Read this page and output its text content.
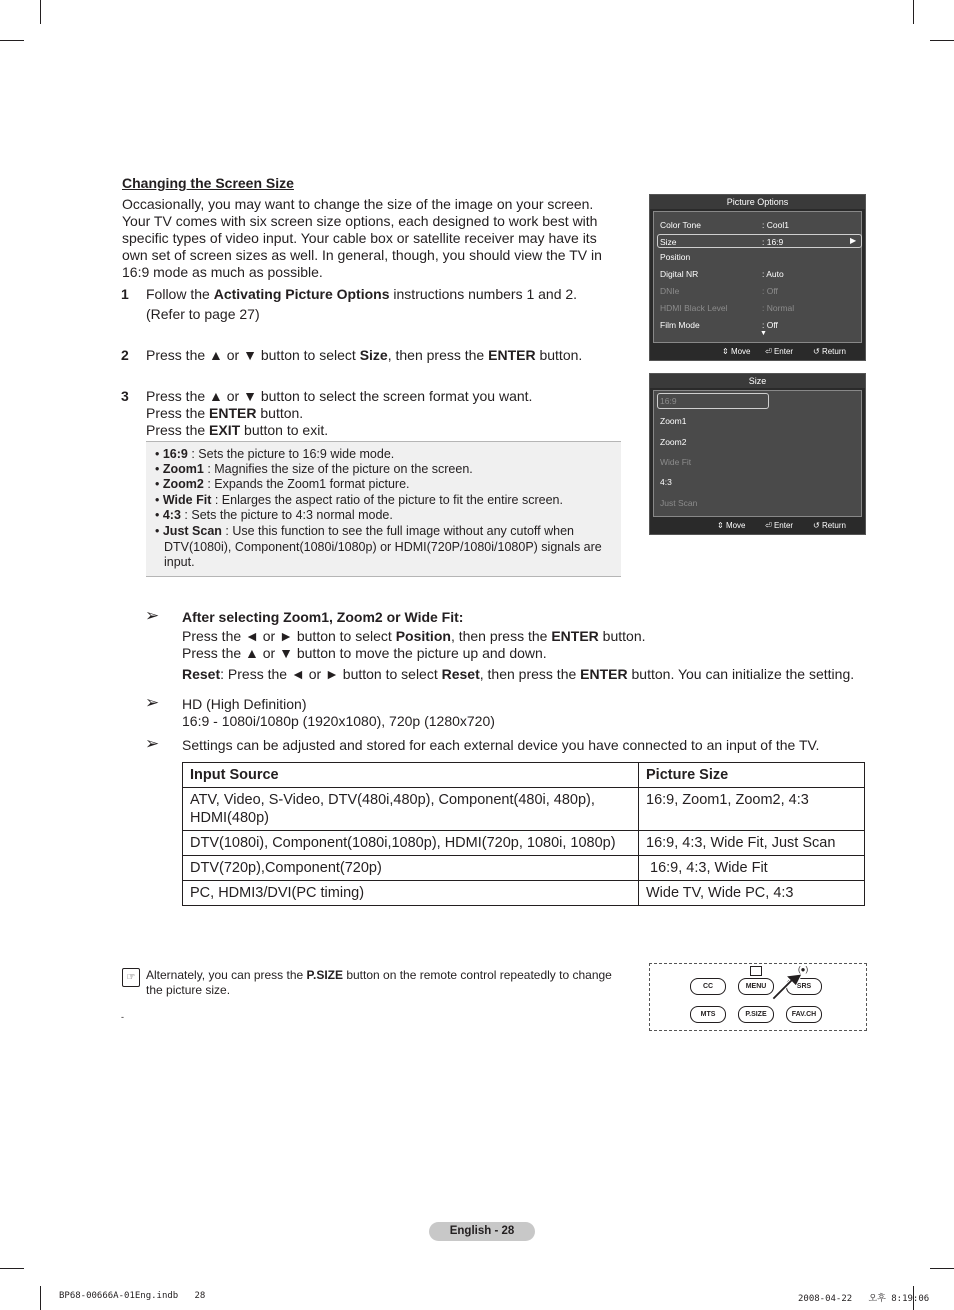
Changing the Screen Size
Occasionally, you may want to change the size of the image on your screen. Your TV comes with six screen size options, each designed to work best with specific types of video input. Your cable box or satellite receiver may have its own set of screen sizes as well. In general, though, you should view the TV in 16:9 mode as much as possible.
1 Follow the Activating Picture Options instructions numbers 1 and 2.
(Refer to page 27)
2 Press the ▲ or ▼ button to select Size, then press the ENTER button.
3 Press the ▲ or ▼ button to select the screen format you want.
Press the ENTER button.
Press the EXIT button to exit.
• 16:9 : Sets the picture to 16:9 wide mode.
• Zoom1 : Magnifies the size of the picture on the screen.
• Zoom2 : Expands the Zoom1 format picture.
• Wide Fit : Enlarges the aspect ratio of the picture to fit the entire screen.
• 4:3 : Sets the picture to 4:3 normal mode.
• Just Scan : Use this function to see the full image without any cutoff when DTV(1080i), Component(1080i/1080p) or HDMI(720P/1080i/1080P) signals are input.
Picture Options
Color Tone	: Cool1
Size	: 16:9	▶
Position
Digital NR	: Auto
DNIe	: Off
HDMI Black Level	: Normal
Film Mode	: Off
▼
⇕ Move ⏎ Enter ↺ Return
Size
16:9
Zoom1
Zoom2
Wide Fit
4:3
Just Scan
⇕ Move ⏎ Enter ↺ Return
➢ After selecting Zoom1, Zoom2 or Wide Fit:
Press the ◄ or ► button to select Position, then press the ENTER button.
Press the ▲ or ▼ button to move the picture up and down.
Reset: Press the ◄ or ► button to select Reset, then press the ENTER button. You can initialize the setting.
➢ HD (High Definition)
16:9 - 1080i/1080p (1920x1080), 720p (1280x720)
➢ Settings can be adjusted and stored for each external device you have connected to an input of the TV.
Input Source	Picture Size
ATV, Video, S-Video, DTV(480i,480p), Component(480i, 480p), HDMI(480p)	16:9, Zoom1, Zoom2, 4:3
DTV(1080i), Component(1080i,1080p), HDMI(720p, 1080i, 1080p)	16:9, 4:3, Wide Fit, Just Scan
DTV(720p),Component(720p)	16:9, 4:3, Wide Fit
PC, HDMI3/DVI(PC timing)	Wide TV, Wide PC, 4:3
☞ Alternately, you can press the P.SIZE button on the remote control repeatedly to change the picture size.
-
(●)
CC	MENU	SRS
MTS	P.SIZE	FAV.CH
English - 28
BP68-00666A-01Eng.indb   28	2008-04-22   오후 8:19:06
